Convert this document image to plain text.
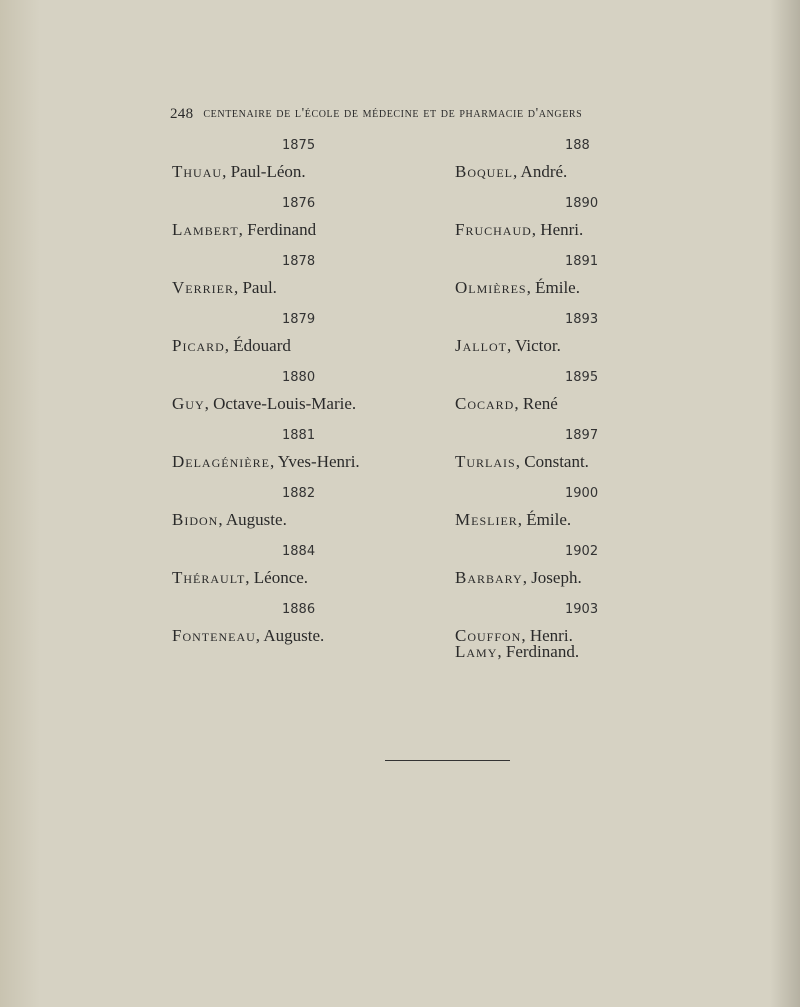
248 centenaire de l'école de médecine et de pharmacie d'angers
1875
Thuau, Paul-Léon.
1876
Lambert, Ferdinand
1878
Verrier, Paul.
1879
Picard, Édouard
1880
Guy, Octave-Louis-Marie.
1881
Delagénière, Yves-Henri.
1882
Bidon, Auguste.
1884
Thérault, Léonce.
1886
Fonteneau, Auguste.
188
Boquel, André.
1890
Fruchaud, Henri.
1891
Olmières, Émile.
1893
Jallot, Victor.
1895
Cocard, René
1897
Turlais, Constant.
1900
Meslier, Émile.
1902
Barbary, Joseph.
1903
Couffon, Henri.
Lamy, Ferdinand.
